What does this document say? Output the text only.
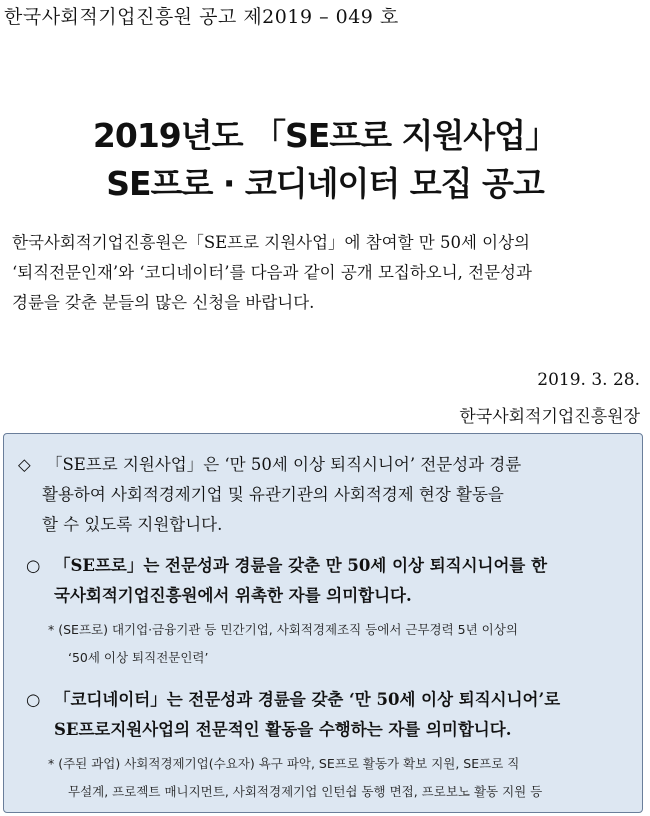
한국사회적기업진흥원 공고 제2019 – 049 호
2019년도 「SE프로 지원사업」
SE프로 · 코디네이터 모집 공고

한국사회적기업진흥원은「SE프로 지원사업」에 참여할 만 50세 이상의

‘퇴직전문인재’와 ‘코디네이터’를 다음과 같이 공개 모집하오니, 전문성과

경륜을 갖춘 분들의 많은 신청을 바랍니다.

2019. 3. 28.
한국사회적기업진흥원장
◇ 「SE프로 지원사업」은 ‘만 50세 이상 퇴직시니어’ 전문성과 경륜
활용하여 사회적경제기업 및 유관기관의 사회적경제 현장 활동을
할 수 있도록 지원합니다.
○ 「SE프로」는 전문성과 경륜을 갖춘 만 50세 이상 퇴직시니어를 한
국사회적기업진흥원에서 위촉한 자를 의미합니다.
* (SE프로) 대기업·금융기관 등 민간기업, 사회적경제조직 등에서 근무경력 5년 이상의
‘50세 이상 퇴직전문인력’
○ 「코디네이터」는 전문성과 경륜을 갖춘 ‘만 50세 이상 퇴직시니어’로
SE프로지원사업의 전문적인 활동을 수행하는 자를 의미합니다.
* (주된 과업) 사회적경제기업(수요자) 욕구 파악, SE프로 활동가 확보 지원, SE프로 직
무설계, 프로젝트 매니지먼트, 사회적경제기업 인턴쉽 동행 면접, 프로보노 활동 지원 등
